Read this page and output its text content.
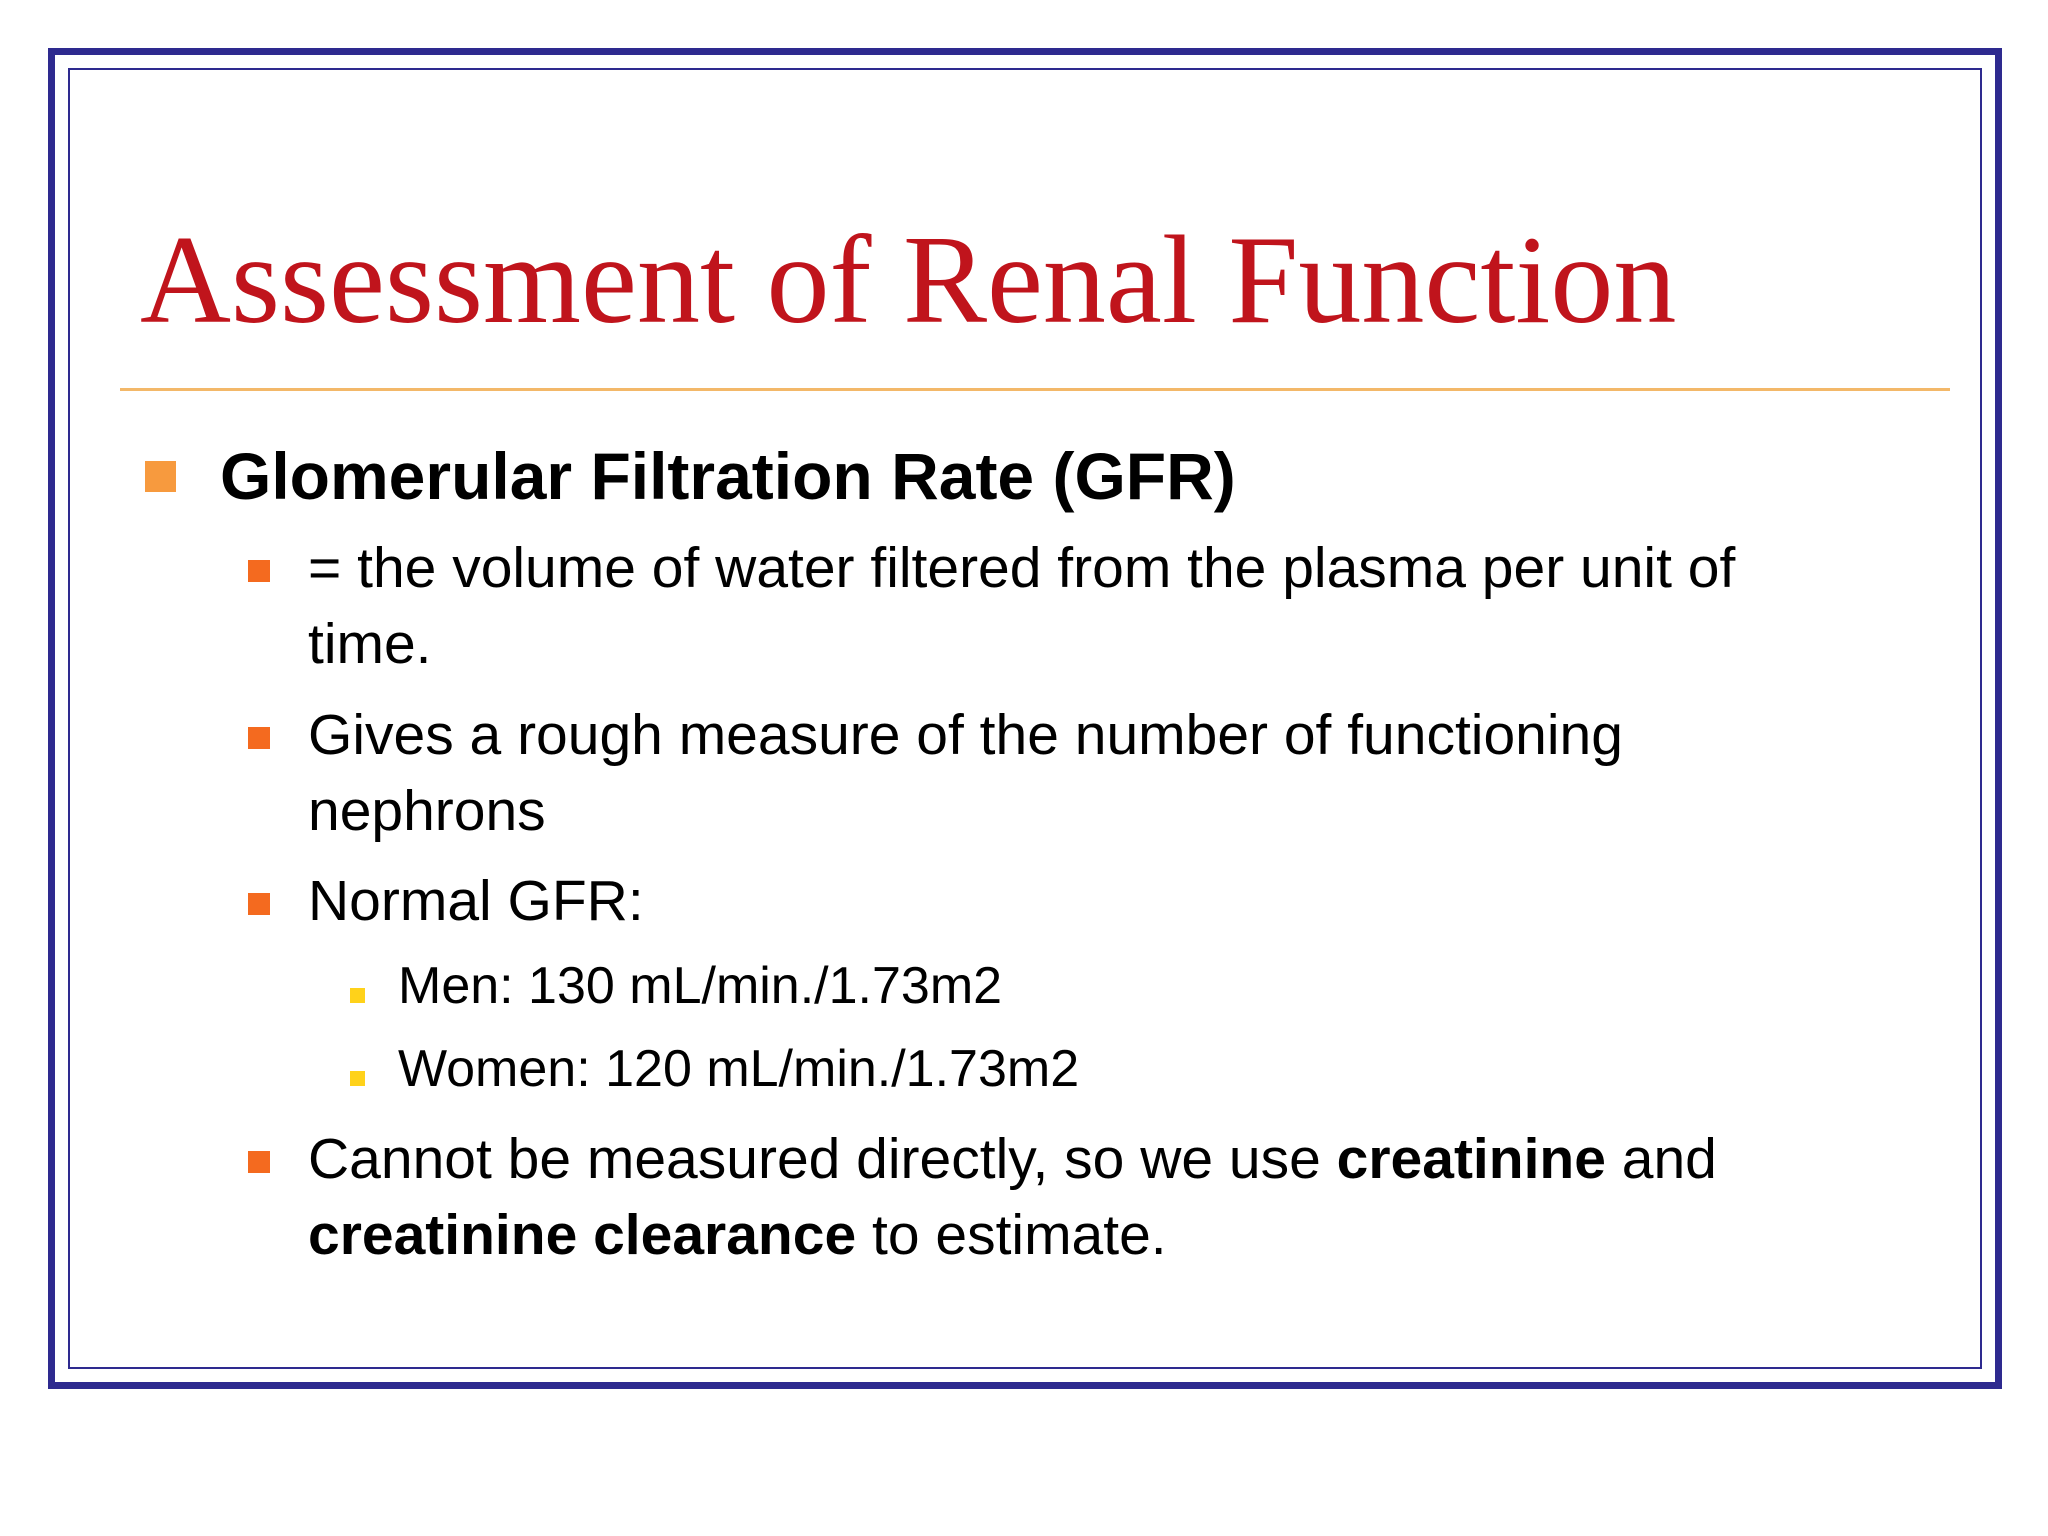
Assessment of Renal Function
Glomerular Filtration Rate (GFR)
= the volume of water filtered from the plasma per unit of
time.
Gives a rough measure of the number of functioning
nephrons
Normal GFR:
Men: 130 mL/min./1.73m2
Women: 120 mL/min./1.73m2
Cannot be measured directly, so we use creatinine and
creatinine clearance to estimate.
